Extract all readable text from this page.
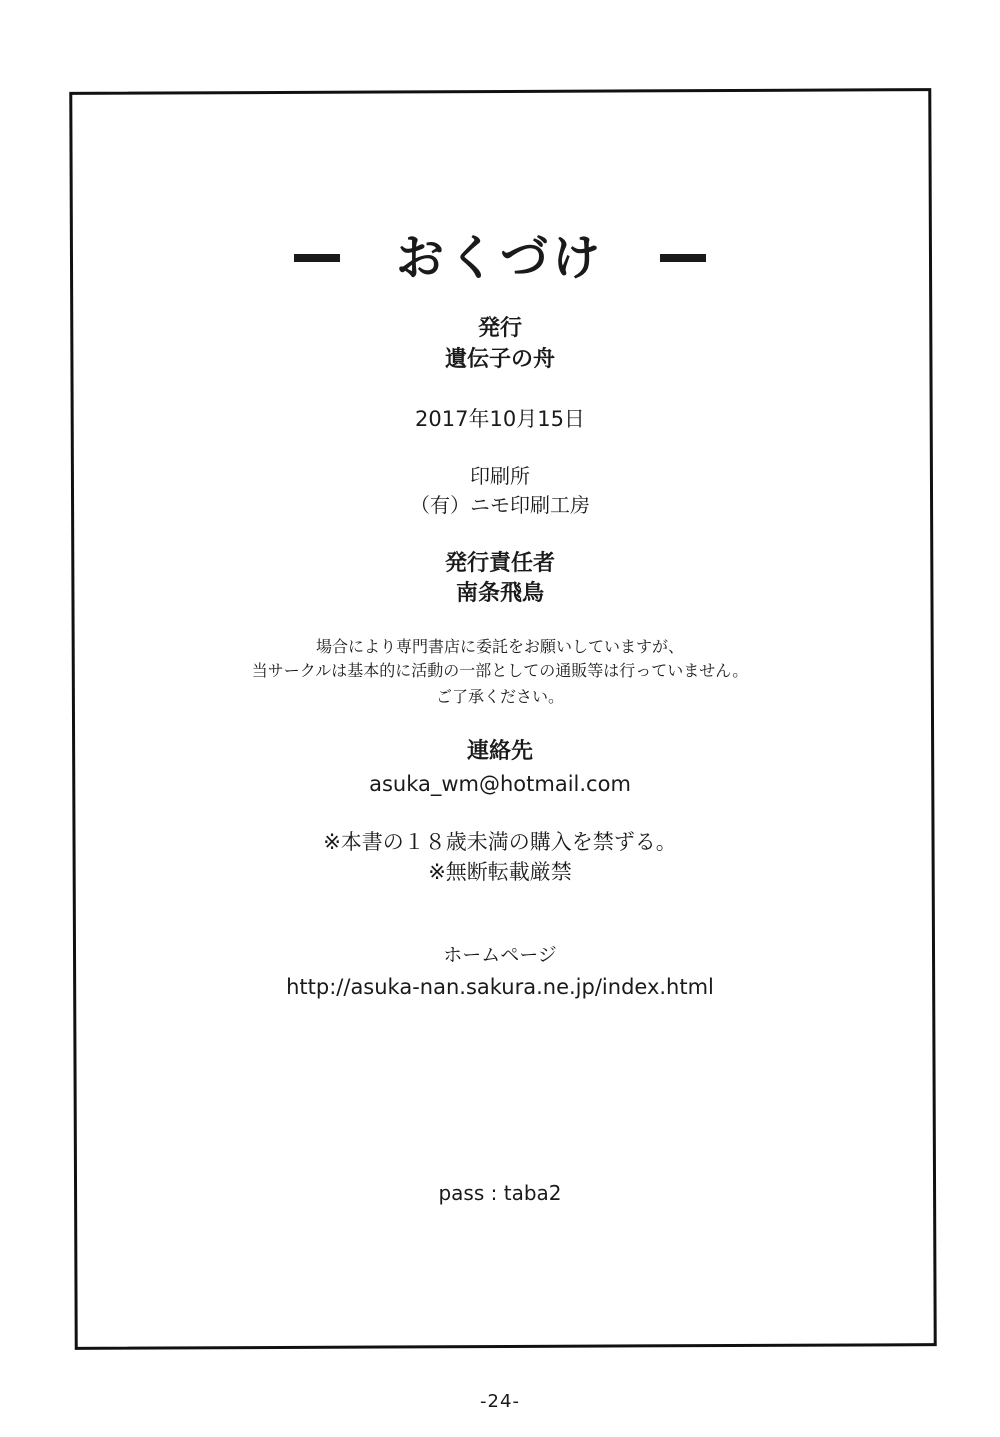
おくづけ
発行
遺伝子の舟
2017年10月15日
印刷所
（有）ニモ印刷工房
発行責任者
南条飛鳥
場合により専門書店に委託をお願いしていますが、
当サークルは基本的に活動の一部としての通販等は行っていません。
ご了承ください。
連絡先
asuka_wm@hotmail.com
※本書の１８歳未満の購入を禁ずる。
※無断転載厳禁
ホームページ
http://asuka-nan.sakura.ne.jp/index.html
pass : taba2
-24-
